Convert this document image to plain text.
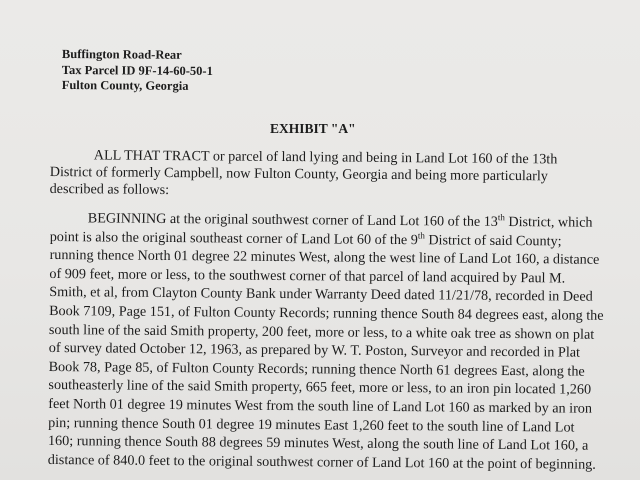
Buffington Road-Rear
Tax Parcel ID 9F-14-60-50-1
Fulton County, Georgia
EXHIBIT "A"
ALL THAT TRACT or parcel of land lying and being in Land Lot 160 of the 13th
District of formerly Campbell, now Fulton County, Georgia and being more particularly
described as follows:
BEGINNING at the original southwest corner of Land Lot 160 of the 13th District, which
point is also the original southeast corner of Land Lot 60 of the 9th District of said County;
running thence North 01 degree 22 minutes West, along the west line of Land Lot 160, a distance
of 909 feet, more or less, to the southwest corner of that parcel of land acquired by Paul M.
Smith, et al, from Clayton County Bank under Warranty Deed dated 11/21/78, recorded in Deed
Book 7109, Page 151, of Fulton County Records; running thence South 84 degrees east, along the
south line of the said Smith property, 200 feet, more or less, to a white oak tree as shown on plat
of survey dated October 12, 1963, as prepared by W. T. Poston, Surveyor and recorded in Plat
Book 78, Page 85, of Fulton County Records; running thence North 61 degrees East, along the
southeasterly line of the said Smith property, 665 feet, more or less, to an iron pin located 1,260
feet North 01 degree 19 minutes West from the south line of Land Lot 160 as marked by an iron
pin; running thence South 01 degree 19 minutes East 1,260 feet to the south line of Land Lot
160; running thence South 88 degrees 59 minutes West, along the south line of Land Lot 160, a
distance of 840.0 feet to the original southwest corner of Land Lot 160 at the point of beginning.
